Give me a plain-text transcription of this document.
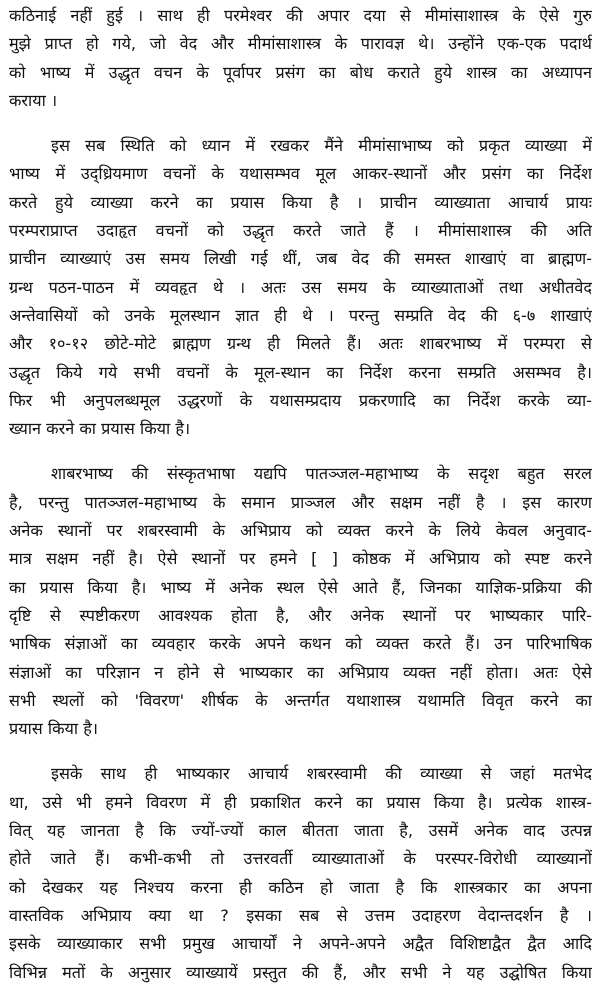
कठिनाई नहीं हुई । साथ ही परमेश्वर की अपार दया से मीमांसाशास्त्र के ऐसे गुरु
मुझे प्राप्त हो गये, जो वेद और मीमांसाशास्त्र के पारावज्ञ थे। उन्होंने एक-एक पदार्थ
को भाष्य में उद्धृत वचन के पूर्वापर प्रसंग का बोध कराते हुये शास्त्र का अध्यापन
कराया ।

इस सब स्थिति को ध्यान में रखकर मैंने मीमांसाभाष्य को प्रकृत व्याख्या में
भाष्य में उद्ध्रियमाण वचनों के यथासम्भव मूल आकर-स्थानों और प्रसंग का निर्देश
करते हुये व्याख्या करने का प्रयास किया है । प्राचीन व्याख्याता आचार्य प्रायः
परम्पराप्राप्त उदाहृत वचनों को उद्धृत करते जाते हैं । मीमांसाशास्त्र की अति
प्राचीन व्याख्याएं उस समय लिखी गई थीं, जब वेद की समस्त शाखाएं वा ब्राह्मण-
ग्रन्थ पठन-पाठन में व्यवहृत थे । अतः उस समय के व्याख्याताओं तथा अधीतवेद
अन्तेवासियों को उनके मूलस्थान ज्ञात ही थे । परन्तु सम्प्रति वेद की ६-७ शाखाएं
और १०-१२ छोटे-मोटे ब्राह्मण ग्रन्थ ही मिलते हैं। अतः शाबरभाष्य में परम्परा से
उद्धृत किये गये सभी वचनों के मूल-स्थान का निर्देश करना सम्प्रति असम्भव है।
फिर भी अनुपलब्धमूल उद्धरणों के यथासम्प्रदाय प्रकरणादि का निर्देश करके व्या-
ख्यान करने का प्रयास किया है।

शाबरभाष्य की संस्कृतभाषा यद्यपि पातञ्जल-महाभाष्य के सदृश बहुत सरल
है, परन्तु पातञ्जल-महाभाष्य के समान प्राञ्जल और सक्षम नहीं है । इस कारण
अनेक स्थानों पर शबरस्वामी के अभिप्राय को व्यक्त करने के लिये केवल अनुवाद-
मात्र सक्षम नहीं है। ऐसे स्थानों पर हमने [ ] कोष्ठक में अभिप्राय को स्पष्ट करने
का प्रयास किया है। भाष्य में अनेक स्थल ऐसे आते हैं, जिनका याज्ञिक-प्रक्रिया की
दृष्टि से स्पष्टीकरण आवश्यक होता है, और अनेक स्थानों पर भाष्यकार पारि-
भाषिक संज्ञाओं का व्यवहार करके अपने कथन को व्यक्त करते हैं। उन पारिभाषिक
संज्ञाओं का परिज्ञान न होने से भाष्यकार का अभिप्राय व्यक्त नहीं होता। अतः ऐसे
सभी स्थलों को 'विवरण' शीर्षक के अन्तर्गत यथाशास्त्र यथामति विवृत करने का
प्रयास किया है।

इसके साथ ही भाष्यकार आचार्य शबरस्वामी की व्याख्या से जहां मतभेद
था, उसे भी हमने विवरण में ही प्रकाशित करने का प्रयास किया है। प्रत्येक शास्त्र-
वित् यह जानता है कि ज्यों-ज्यों काल बीतता जाता है, उसमें अनेक वाद उत्पन्न
होते जाते हैं। कभी-कभी तो उत्तरवर्ती व्याख्याताओं के परस्पर-विरोधी व्याख्यानों
को देखकर यह निश्चय करना ही कठिन हो जाता है कि शास्त्रकार का अपना
वास्तविक अभिप्राय क्या था ? इसका सब से उत्तम उदाहरण वेदान्तदर्शन है ।
इसके व्याख्याकार सभी प्रमुख आचार्यों ने अपने-अपने अद्वैत विशिष्टाद्वैत द्वैत आदि
विभिन्न मतों के अनुसार व्याख्यायें प्रस्तुत की हैं, और सभी ने यह उद्घोषित किया
